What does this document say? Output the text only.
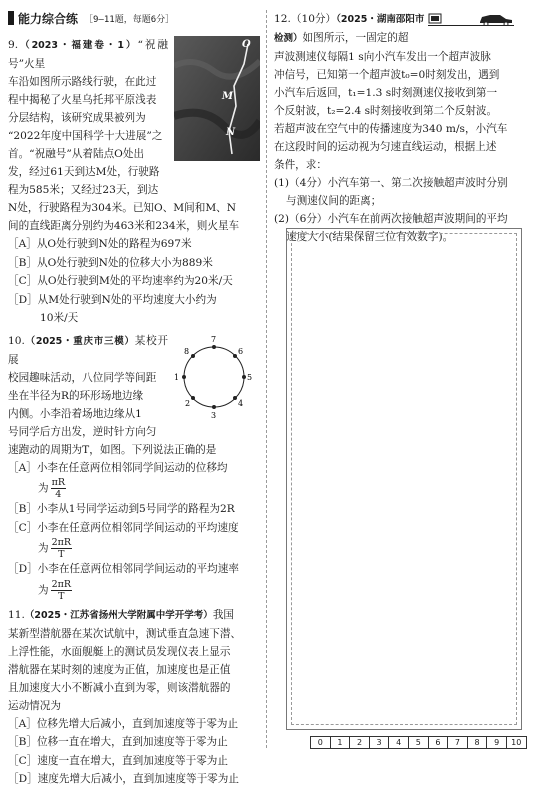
能力综合练 ［9—11题，每题6分］
O
M
N
9.（2023・福建卷・1）“祝融号”火星
车沿如图所示路线行驶，在此过
程中揭秘了火星乌托邦平原浅表
分层结构，该研究成果被列为
“2022年度中国科学十大进展”之
首。“祝融号”从着陆点O处出
发，经过61天到达M处，行驶路
程为585米；又经过23天，到达
N处，行驶路程为304米。已知O、M间和M、N
间的直线距离分别约为463米和234米，则火星车
［A］从O处行驶到N处的路程为697米
［B］从O处行驶到N处的位移大小为889米
［C］从O处行驶到M处的平均速率约为20米/天
［D］从M处行驶到N处的平均速度大小约为
10米/天
1
2
3
4
5
6
7
8
10.（2025・重庆市三模）某校开展
校园趣味活动，八位同学等间距
坐在半径为R的环形场地边缘
内侧。小李沿着场地边缘从1
号同学后方出发，逆时针方向匀
速跑动的周期为T，如图。下列说法正确的是
［A］小李在任意两位相邻同学间运动的位移均
为 $\frac{\pi R}{4}$
［B］小李从1号同学运动到5号同学的路程为2R
［C］小李在任意两位相邻同学间运动的平均速度
为 $\frac{2\pi R}{T}$
［D］小李在任意两位相邻同学间运动的平均速率
为 $\frac{2\pi R}{T}$
11.（2025・江苏省扬州大学附属中学开学考）我国
某新型潜航器在某次试航中，测试垂直急速下潜、
上浮性能，水面舰艇上的测试员发现仪表上显示
潜航器在某时刻的速度为正值，加速度也是正值
且加速度大小不断减小直到为零，则该潜航器的
运动情况为
［A］位移先增大后减小，直到加速度等于零为止
［B］位移一直在增大，直到加速度等于零为止
［C］速度一直在增大，直到加速度等于零为止
［D］速度先增大后减小，直到加速度等于零为止
12.（10分）（2025・湖南邵阳市
检测）如图所示，一固定的超
声波测速仪每隔1 s向小汽车发出一个超声波脉
冲信号，已知第一个超声波t₀=0时刻发出，遇到
小汽车后返回，t₁=1.3 s时刻测速仪接收到第一
个反射波，t₂=2.4 s时刻接收到第二个反射波。
若超声波在空气中的传播速度为340 m/s，小汽车
在这段时间的运动视为匀速直线运动，根据上述
条件，求：
(1)（4分）小汽车第一、第二次接触超声波时分别
与测速仪间的距离；
(2)（6分）小汽车在前两次接触超声波期间的平均
速度大小(结果保留三位有效数字)。
0	1	2	3	4	5	6	7	8	9	10
